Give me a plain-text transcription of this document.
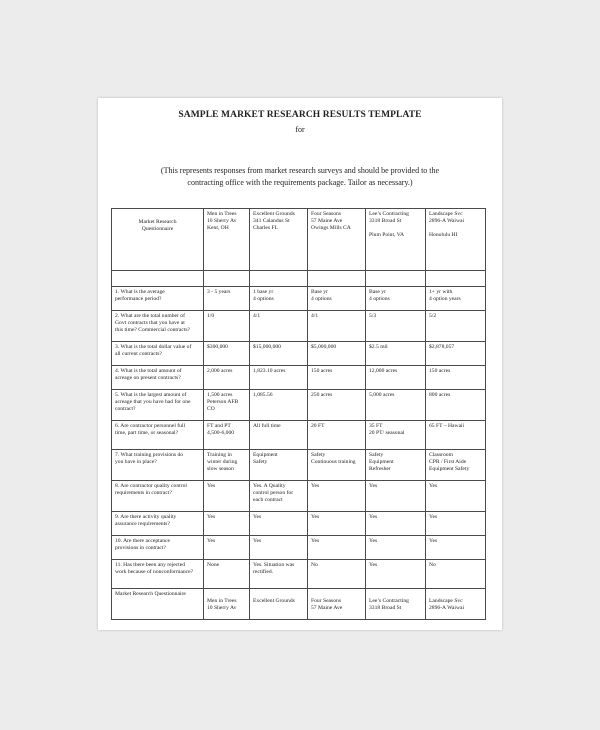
SAMPLE MARKET RESEARCH RESULTS TEMPLATE
for
(This represents responses from market research surveys and should be provided to the
contracting office with the requirements package. Tailor as necessary.)
Market Research
Questionnaire	Men in Trees
10 Sherry Av
Kent, OH	Excellent Grounds
341 Calandus St
Charles FL	Four Seasons
57 Maine Ave
Owings Mills CA	Lee’s Contracting
3318 Broad St

Plum Point, VA	Landscape Svc
2896-A Waiwai

Honolulu HI

1. What is the average
performance period?	3 - 5 years	1 base yr
4 options	Base yr
4 options	Base yr
4 options	1+ yr with
4 option years

2. What are the total number of
Govt contracts that you have at
this time? Commercial contracts?	1/0	4/1	4/1	5/3	5/2

3. What is the total dollar value of
all current contracts?	$300,000	$15,000,000	$5,000,000	$2.5 mil	$2,878,057

4. What is the total amount of
acreage on present contracts?	2,000 acres	1,823.10 acres	150 acres	12,000 acres	150 acres

5. What is the largest amount of
acreage that you have had for one
contract?	1,500 acres
Peterson AFB
CO	1,085.56	250 acres	5,000 acres	800 acres

6. Are contractor personnel full
time, part time, or seasonal?	FT and PT
4,500-6,000	All full time	20 FT	35 FT
20 PT/ seasonal	65 FT – Hawaii

7. What training provisions do
you have in place?	Training in
winter during
slow season	Equipment
Safety	Safety
Continuous training	Safety
Equipment
Refresher	Classroom
CPR / First Aide
Equipment Safety

8. Are contractor quality control
requirements in contract?	Yes	Yes. A Quality
control person for
each contract	Yes	Yes	Yes

9. Are there activity quality
assurance requirements?	Yes	Yes	Yes	Yes	Yes

10. Are there acceptance
provisions in contract?	Yes	Yes	Yes	Yes	Yes

11. Has there been any rejected
work because of nonconformance?	None	Yes. Situation was
rectified.	No	Yes	No

Market Research Questionnaire	Men in Trees
10 Sherry Av	Excellent Grounds	Four Seasons
57 Maine Ave	Lee’s Contracting
3318 Broad St	Landscape Svc
2896-A Waiwai
